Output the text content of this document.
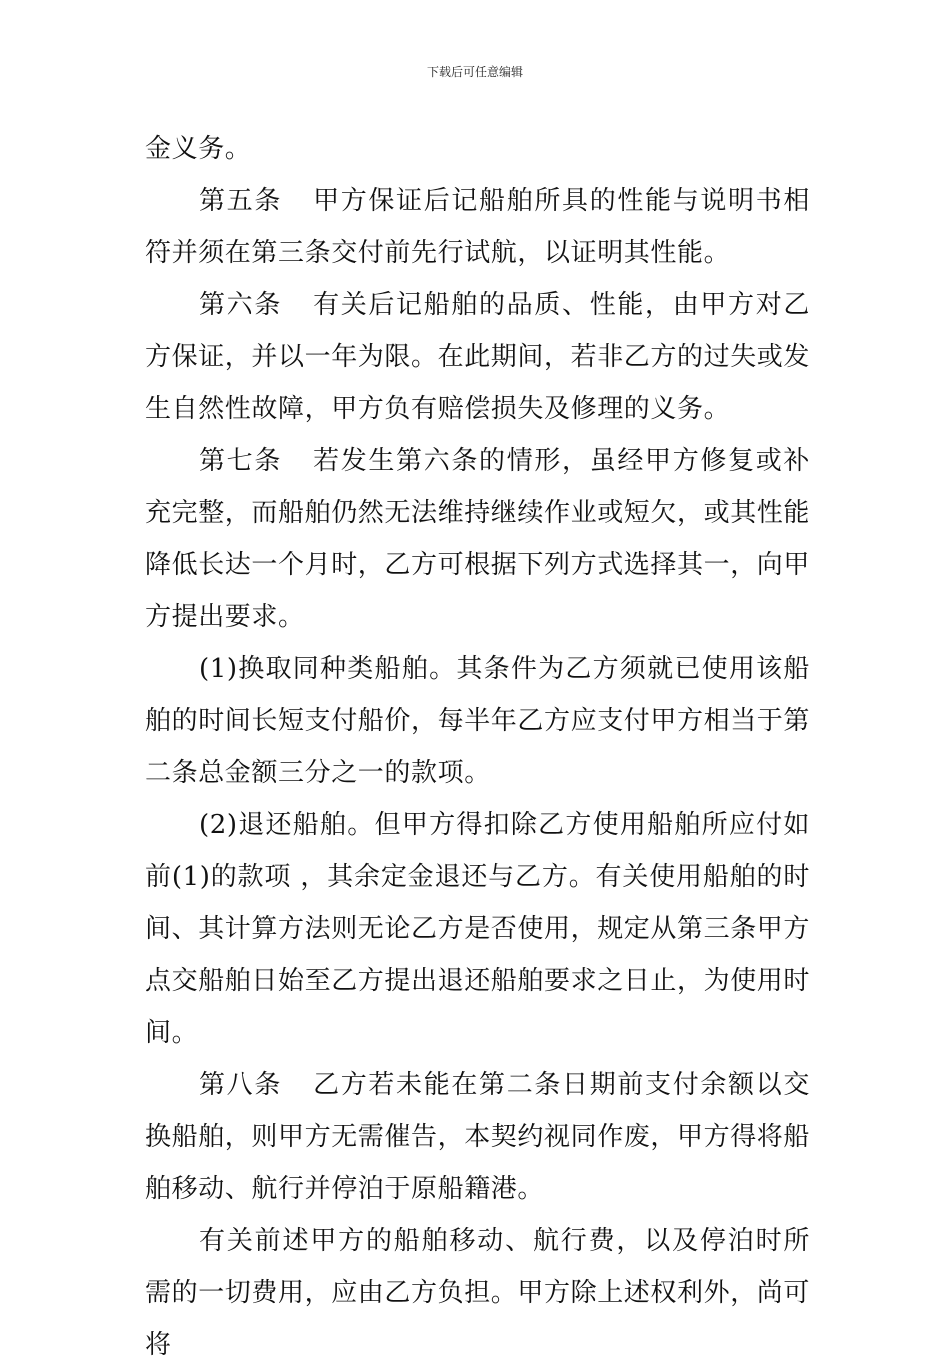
下载后可任意编辑

金义务。

第五条 甲方保证后记船舶所具的性能与说明书相符并须在第三条交付前先行试航，以证明其性能。

第六条 有关后记船舶的品质、性能，由甲方对乙方保证，并以一年为限。在此期间，若非乙方的过失或发生自然性故障，甲方负有赔偿损失及修理的义务。

第七条 若发生第六条的情形，虽经甲方修复或补充完整，而船舶仍然无法维持继续作业或短欠，或其性能降低长达一个月时，乙方可根据下列方式选择其一，向甲方提出要求。

(1)换取同种类船舶。其条件为乙方须就已使用该船舶的时间长短支付船价，每半年乙方应支付甲方相当于第二条总金额三分之一的款项。

(2)退还船舶。但甲方得扣除乙方使用船舶所应付如前(1)的款项 ，其余定金退还与乙方。有关使用船舶的时间、其计算方法则无论乙方是否使用，规定从第三条甲方点交船舶日始至乙方提出退还船舶要求之日止，为使用时间。

第八条 乙方若未能在第二条日期前支付余额以交换船舶，则甲方无需催告，本契约视同作废，甲方得将船舶移动、航行并停泊于原船籍港。

有关前述甲方的船舶移动、航行费，以及停泊时所需的一切费用，应由乙方负担。甲方除上述权利外，尚可将
